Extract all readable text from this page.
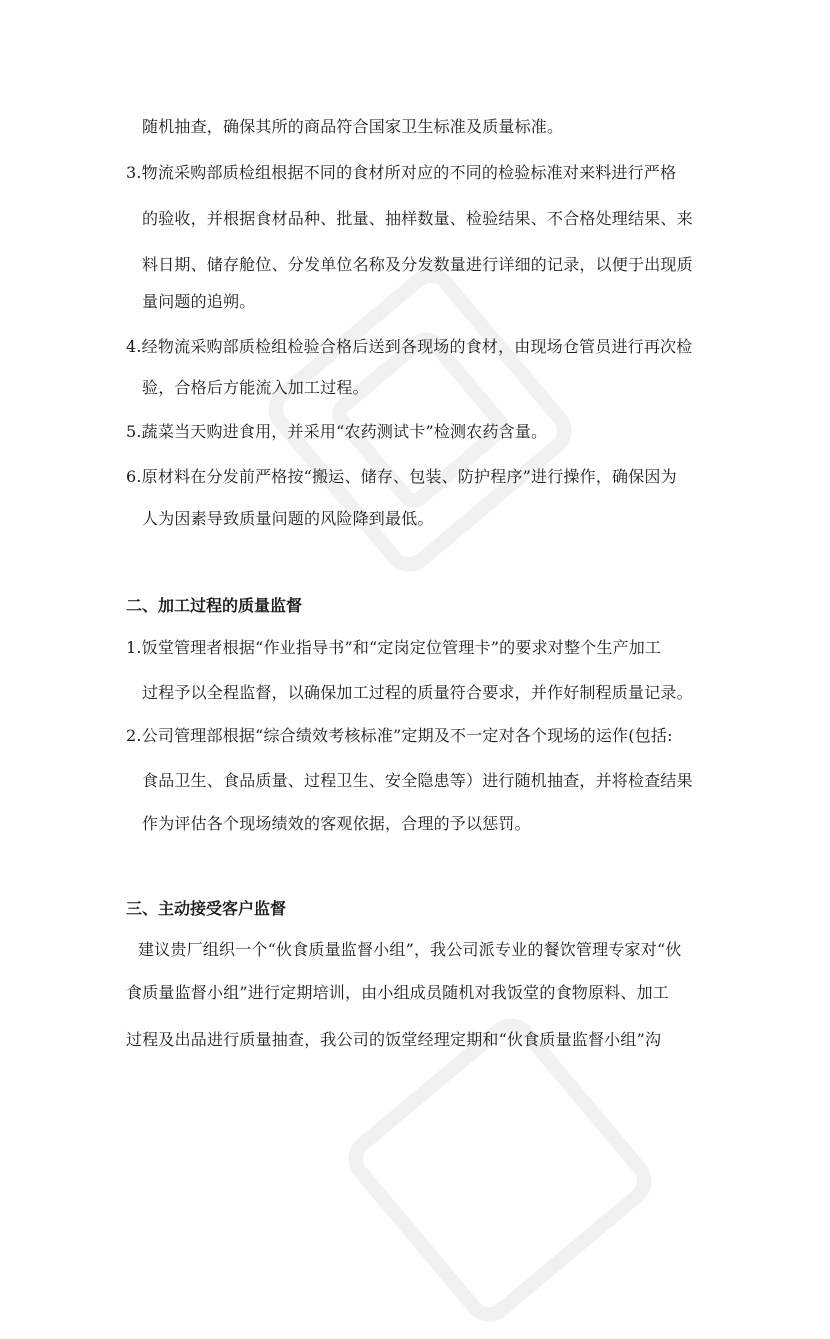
随机抽查，确保其所的商品符合国家卫生标准及质量标准。
3.物流采购部质检组根据不同的食材所对应的不同的检验标准对来料进行严格
的验收，并根据食材品种、批量、抽样数量、检验结果、不合格处理结果、来
料日期、储存舱位、分发单位名称及分发数量进行详细的记录，以便于出现质
量问题的追朔。
4.经物流采购部质检组检验合格后送到各现场的食材，由现场仓管员进行再次检
验，合格后方能流入加工过程。
5.蔬菜当天购进食用，并采用“农药测试卡”检测农药含量。
6.原材料在分发前严格按“搬运、储存、包装、防护程序”进行操作，确保因为
人为因素导致质量问题的风险降到最低。
二、加工过程的质量监督
1.饭堂管理者根据“作业指导书”和“定岗定位管理卡”的要求对整个生产加工
过程予以全程监督，以确保加工过程的质量符合要求，并作好制程质量记录。
2.公司管理部根据“综合绩效考核标准”定期及不一定对各个现场的运作(包括:
食品卫生、食品质量、过程卫生、安全隐患等）进行随机抽查，并将检查结果
作为评估各个现场绩效的客观依据，合理的予以惩罚。
三、主动接受客户监督
建议贵厂组织一个“伙食质量监督小组”，我公司派专业的餐饮管理专家对“伙
食质量监督小组”进行定期培训，由小组成员随机对我饭堂的食物原料、加工
过程及出品进行质量抽查，我公司的饭堂经理定期和“伙食质量监督小组”沟
